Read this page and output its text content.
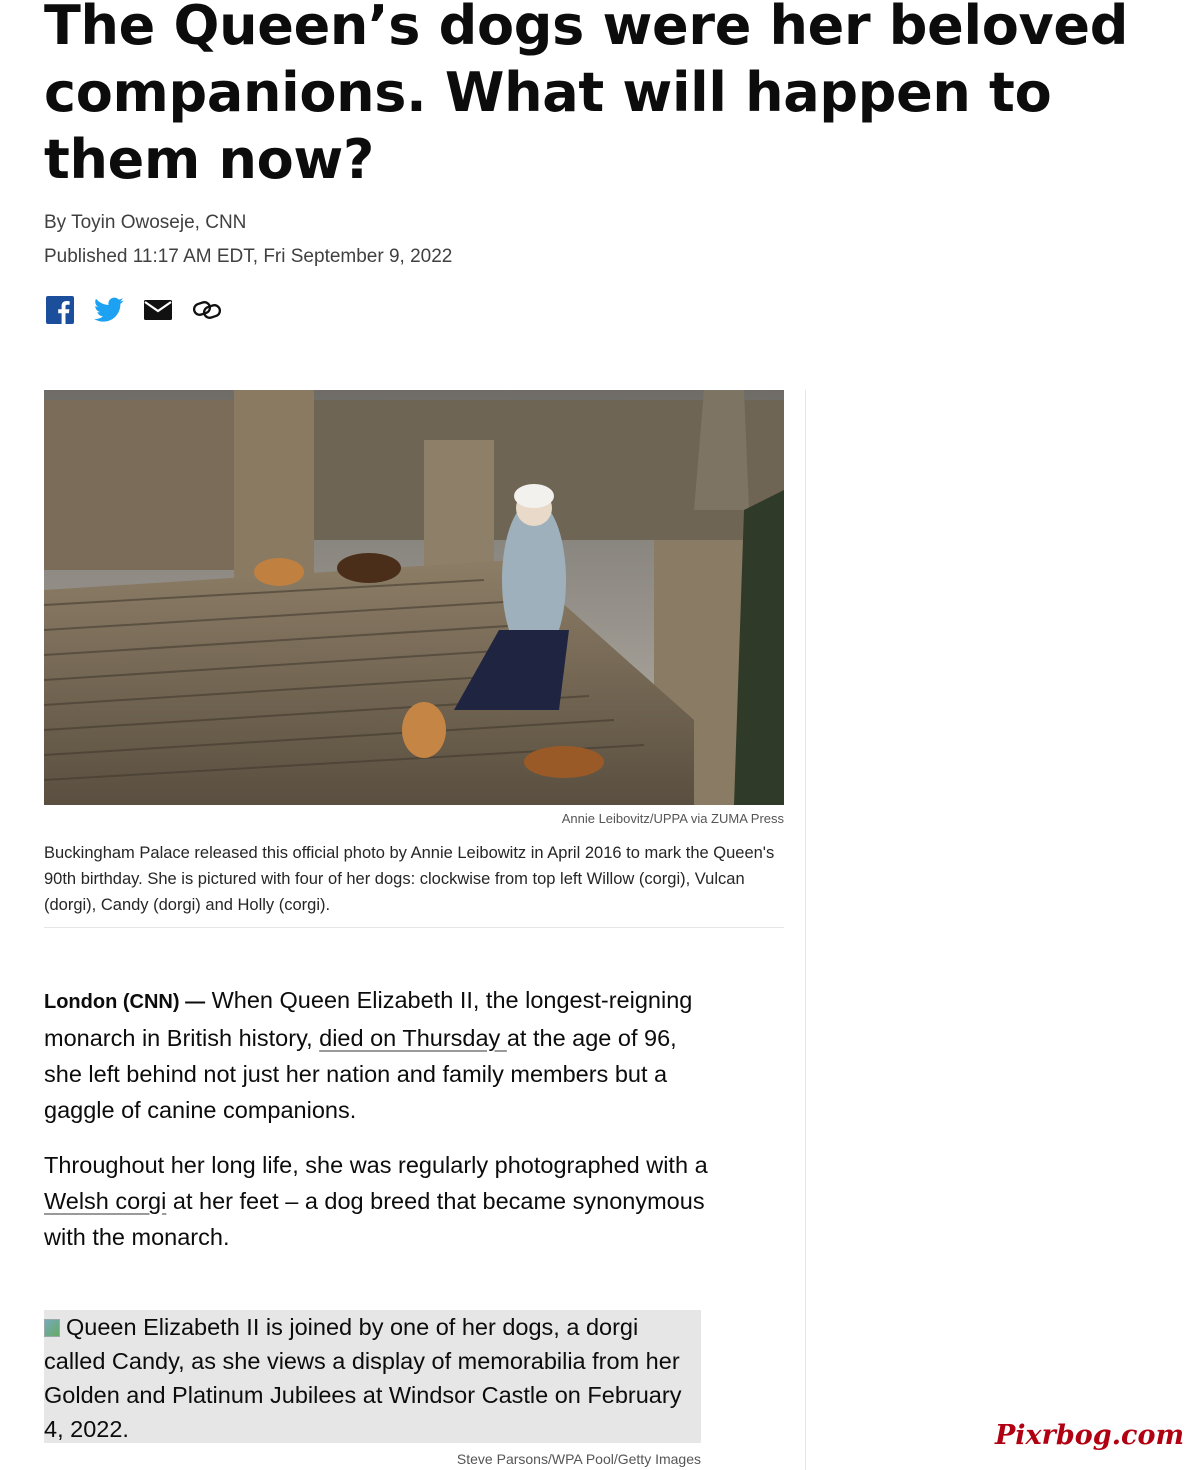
The Queen’s dogs were her beloved companions. What will happen to them now?
By Toyin Owoseje, CNN
Published 11:17 AM EDT, Fri September 9, 2022
Annie Leibovitz/UPPA via ZUMA Press

Buckingham Palace released this official photo by Annie Leibowitz in April 2016 to mark the Queen's 90th birthday. She is pictured with four of her dogs: clockwise from top left Willow (corgi), Vulcan (dorgi), Candy (dorgi) and Holly (corgi).

London (CNN) — When Queen Elizabeth II, the longest-reigning monarch in British history, died on Thursday at the age of 96, she left behind not just her nation and family members but a gaggle of canine companions.

Throughout her long life, she was regularly photographed with a Welsh corgi at her feet – a dog breed that became synonymous with the monarch.

Queen Elizabeth II is joined by one of her dogs, a dorgi called Candy, as she views a display of memorabilia from her Golden and Platinum Jubilees at Windsor Castle on February 4, 2022.
Steve Parsons/WPA Pool/Getty Images
Pixrbog.com
